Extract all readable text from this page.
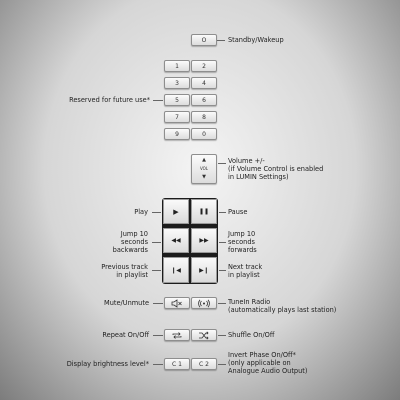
O	Standby/Wakeup
1	2
3	4
5	6
7	8
9	0
Reserved for future use*
▲
VOL
▼
Volume +/-
(if Volume Control is enabled
in LUMIN Settings)
▶	❚❚
◀◀	▶▶
❙◀	▶❙
Play	Pause
Jump 10
seconds
backwards
Jump 10
seconds
forwards
Previous track
in playlist
Next track
in playlist
Mute/Unmute	TuneIn Radio
(automatically plays last station)
Repeat On/Off	Shuffle On/Off
C 1	C 2
Display brightness level*
Invert Phase On/Off*
(only applicable on
Analogue Audio Output)
